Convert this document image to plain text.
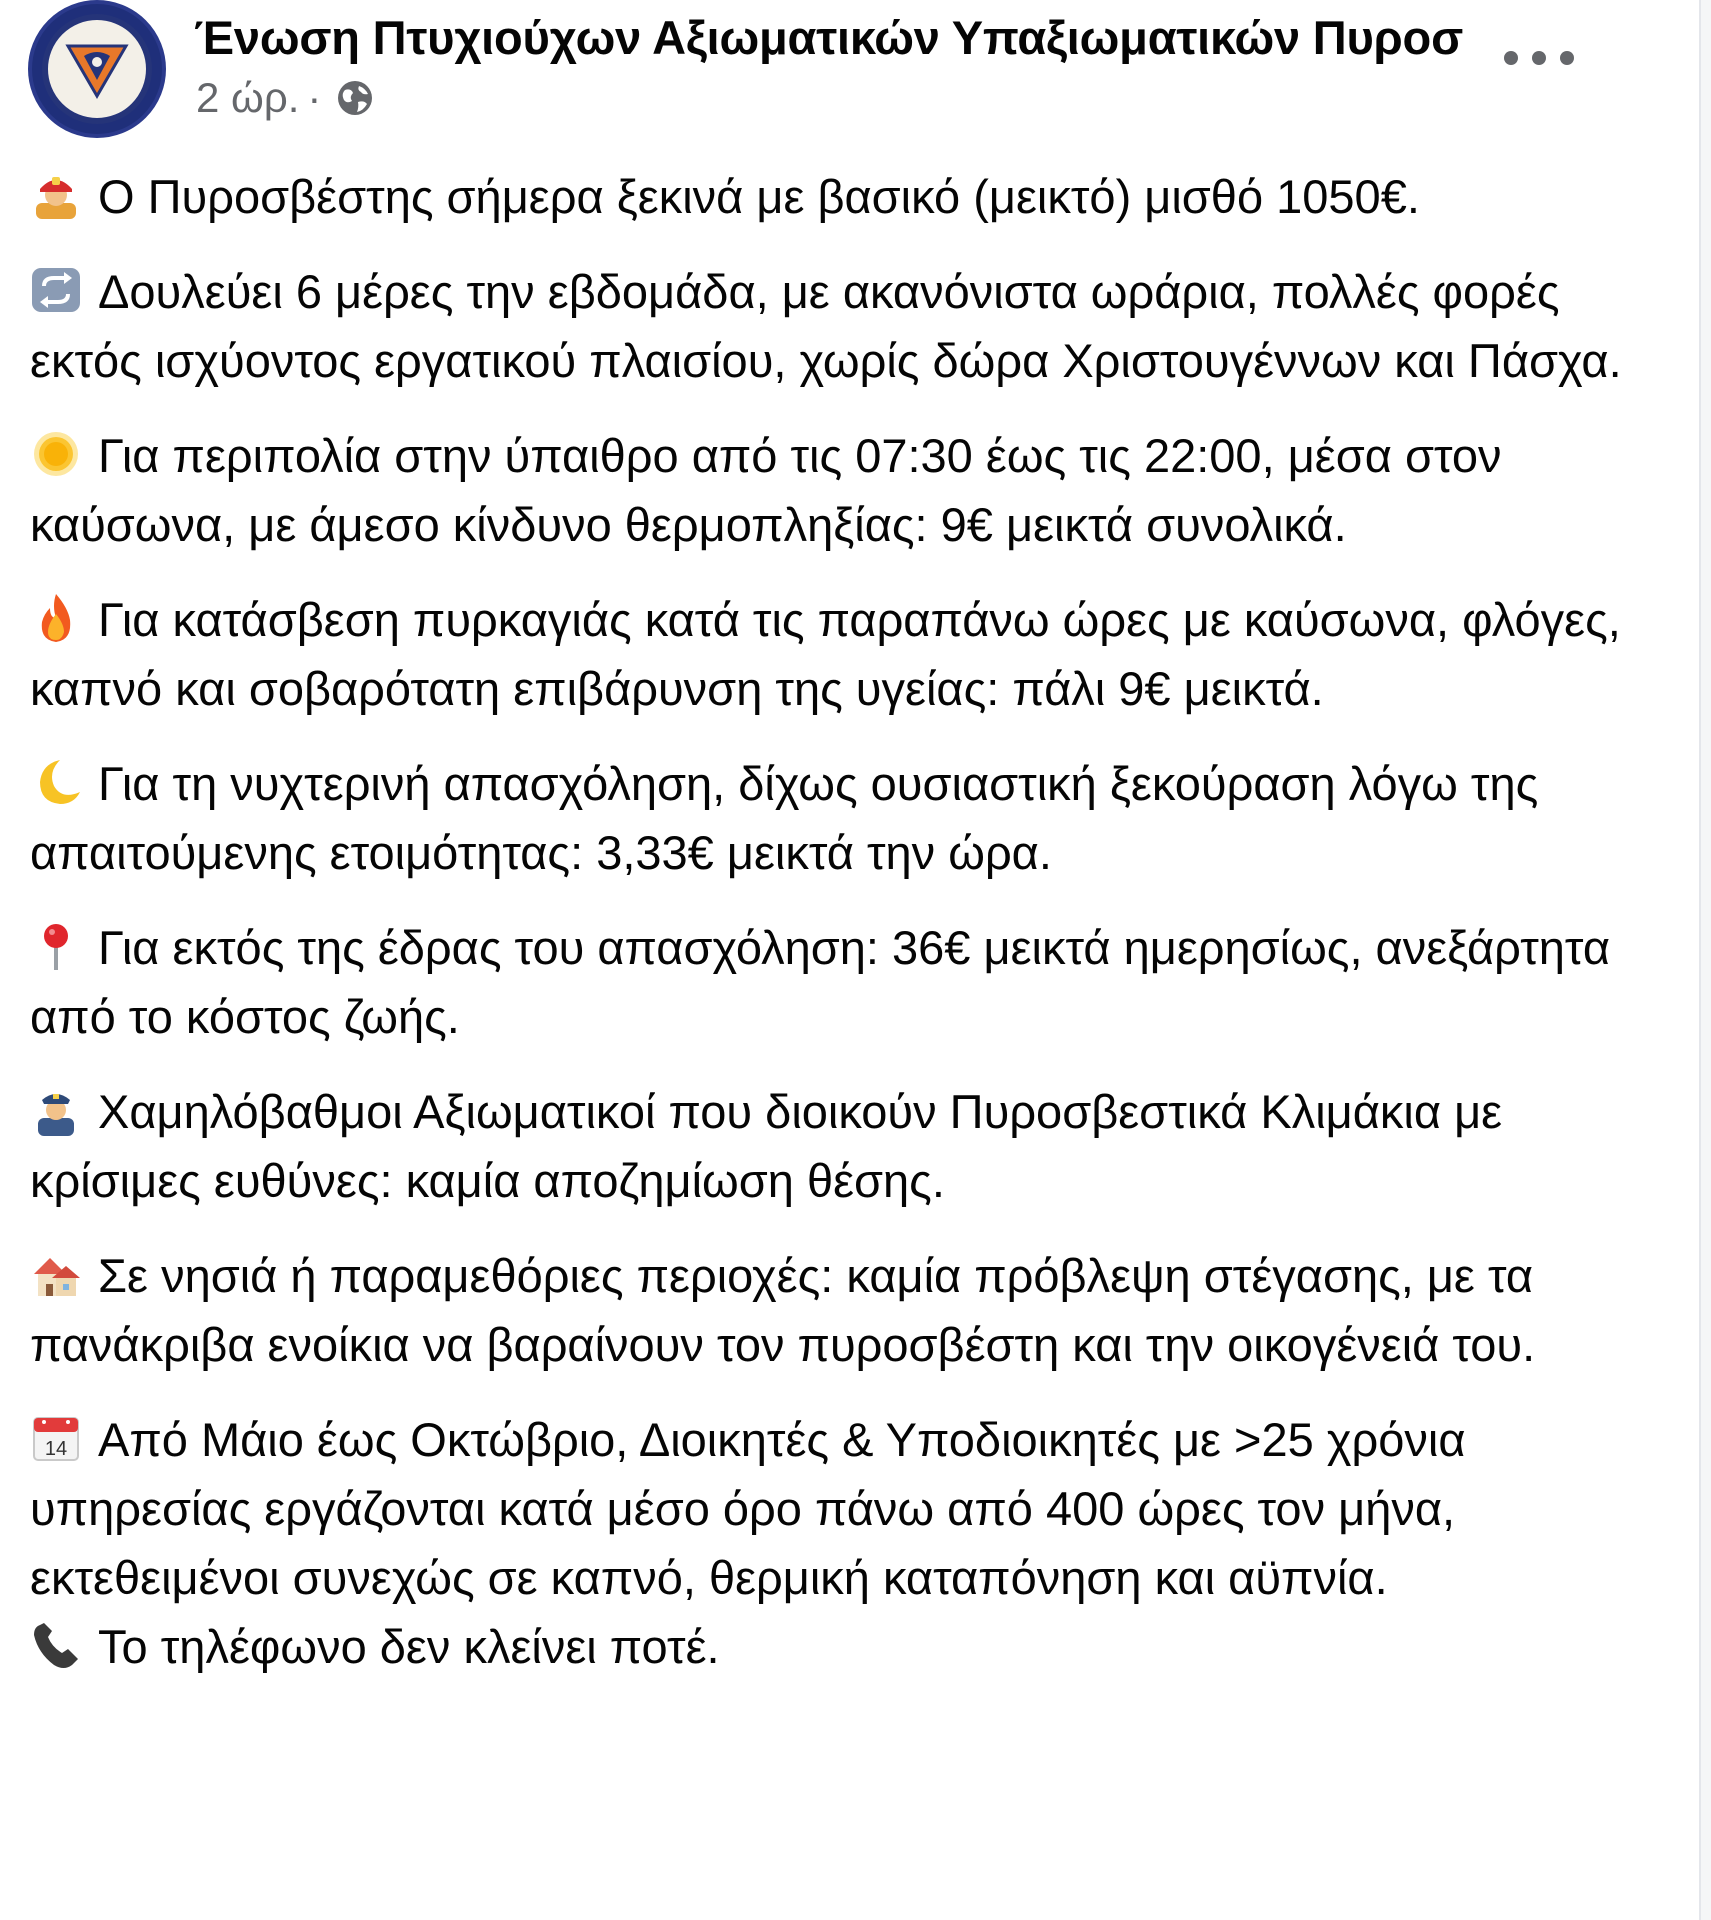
Ένωση Πτυχιούχων Αξιωματικών Υπαξιωματικών Πυροσ
2 ώρ. ·

Ο Πυροσβέστης σήμερα ξεκινά με βασικό (μεικτό) μισθό 1050€.

Δουλεύει 6 μέρες την εβδομάδα, με ακανόνιστα ωράρια, πολλές φορές εκτός ισχύοντος εργατικού πλαισίου, χωρίς δώρα Χριστουγέννων και Πάσχα.

Για περιπολία στην ύπαιθρο από τις 07:30 έως τις 22:00, μέσα στον καύσωνα, με άμεσο κίνδυνο θερμοπληξίας: 9€ μεικτά συνολικά.

Για κατάσβεση πυρκαγιάς κατά τις παραπάνω ώρες με καύσωνα, φλόγες, καπνό και σοβαρότατη επιβάρυνση της υγείας: πάλι 9€ μεικτά.

Για τη νυχτερινή απασχόληση, δίχως ουσιαστική ξεκούραση λόγω της απαιτούμενης ετοιμότητας: 3,33€ μεικτά την ώρα.

Για εκτός της έδρας του απασχόληση: 36€ μεικτά ημερησίως, ανεξάρτητα από το κόστος ζωής.

Χαμηλόβαθμοι Αξιωματικοί που διοικούν Πυροσβεστικά Κλιμάκια με κρίσιμες ευθύνες: καμία αποζημίωση θέσης.

Σε νησιά ή παραμεθόριες περιοχές: καμία πρόβλεψη στέγασης, με τα πανάκριβα ενοίκια να βαραίνουν τον πυροσβέστη και την οικογένειά του.

14 Από Μάιο έως Οκτώβριο, Διοικητές & Υποδιοικητές με >25 χρόνια υπηρεσίας εργάζονται κατά μέσο όρο πάνω από 400 ώρες τον μήνα, εκτεθειμένοι συνεχώς σε καπνό, θερμική καταπόνηση και αϋπνία.

Το τηλέφωνο δεν κλείνει ποτέ.
